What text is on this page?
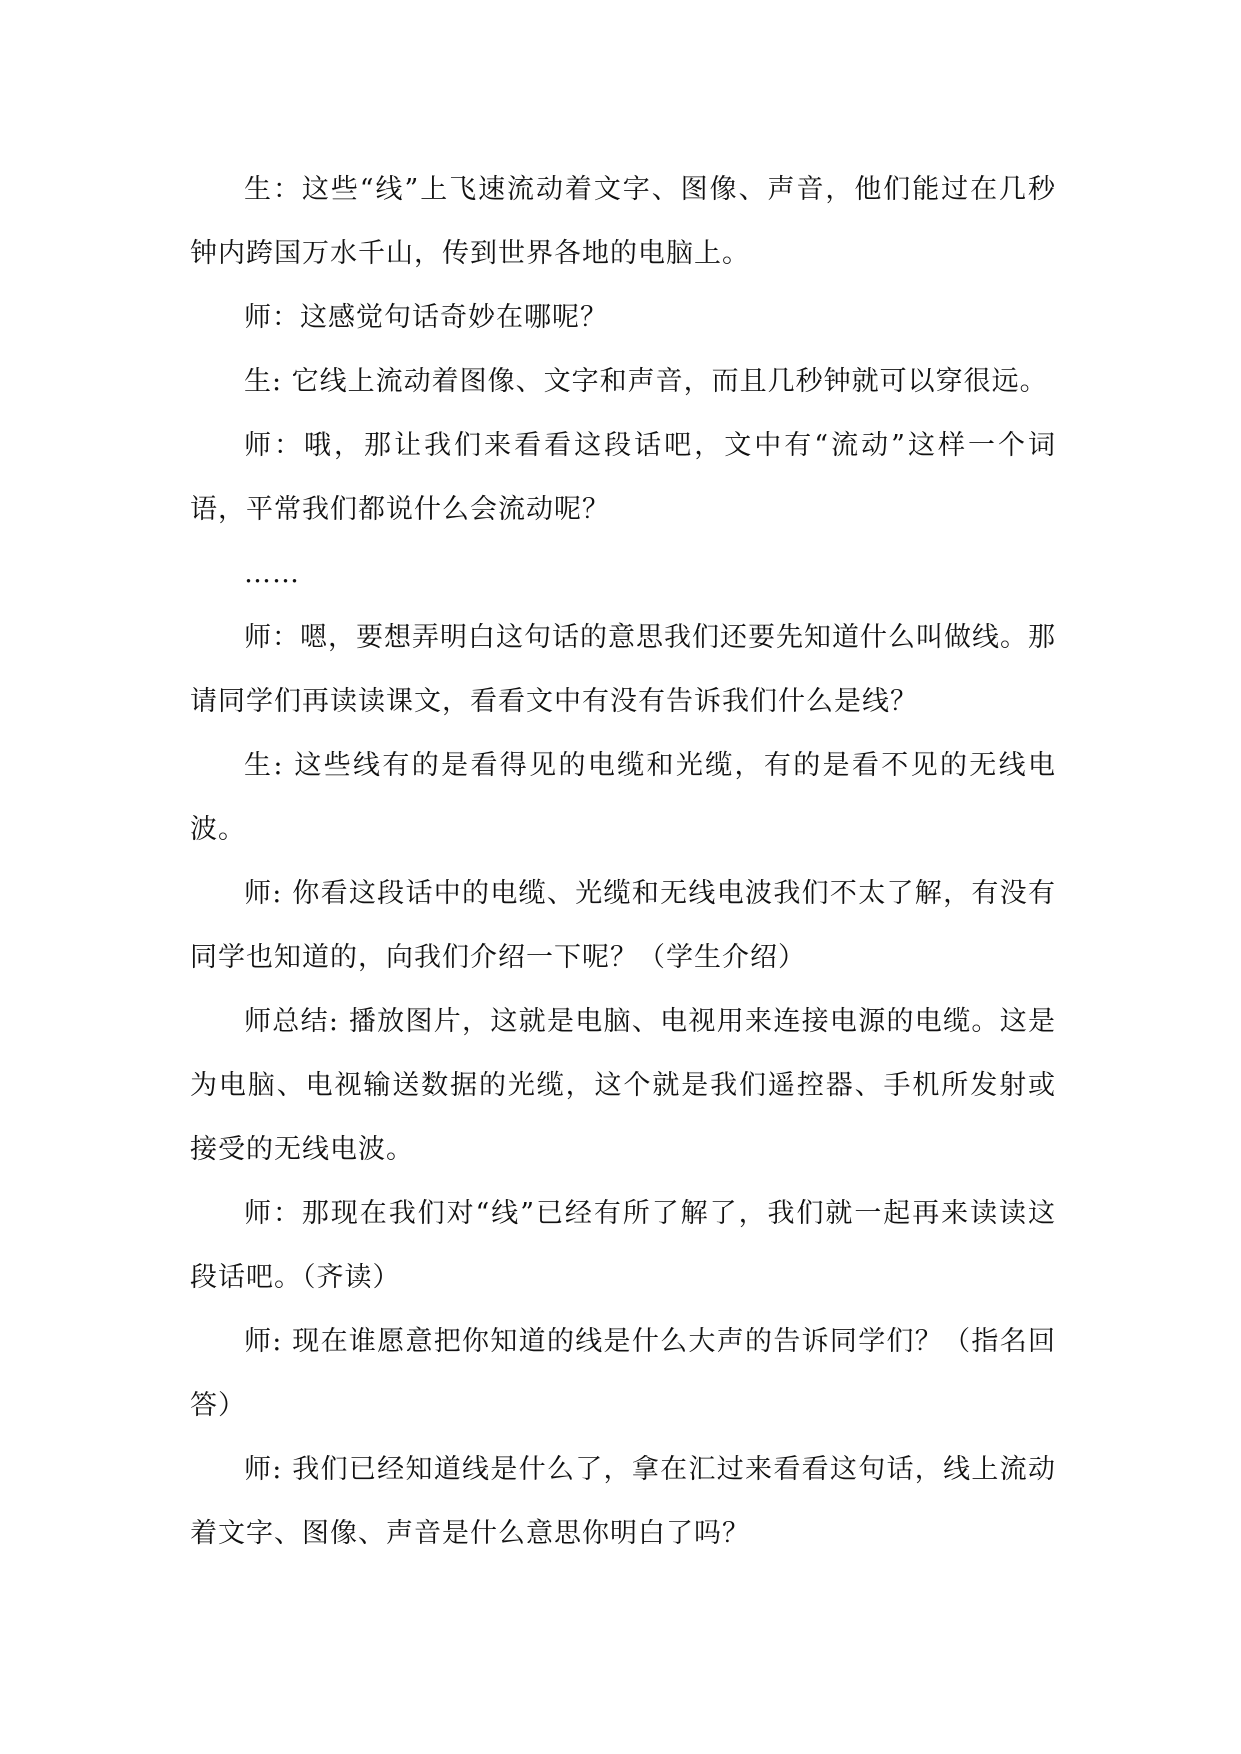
生：这些“线”上飞速流动着文字、图像、声音，他们能过在几秒钟内跨国万水千山，传到世界各地的电脑上。

师：这感觉句话奇妙在哪呢？

生: 它线上流动着图像、文字和声音，而且几秒钟就可以穿很远。

师：哦，那让我们来看看这段话吧，文中有“流动”这样一个词语，平常我们都说什么会流动呢？

……

师：嗯，要想弄明白这句话的意思我们还要先知道什么叫做线。那请同学们再读读课文，看看文中有没有告诉我们什么是线？

生: 这些线有的是看得见的电缆和光缆，有的是看不见的无线电波。

师: 你看这段话中的电缆、光缆和无线电波我们不太了解，有没有同学也知道的，向我们介绍一下呢？（学生介绍）

师总结: 播放图片，这就是电脑、电视用来连接电源的电缆。这是为电脑、电视输送数据的光缆，这个就是我们遥控器、手机所发射或接受的无线电波。

师：那现在我们对“线”已经有所了解了，我们就一起再来读读这段话吧。（齐读）

师: 现在谁愿意把你知道的线是什么大声的告诉同学们？（指名回答）

师: 我们已经知道线是什么了，拿在汇过来看看这句话，线上流动着文字、图像、声音是什么意思你明白了吗？
